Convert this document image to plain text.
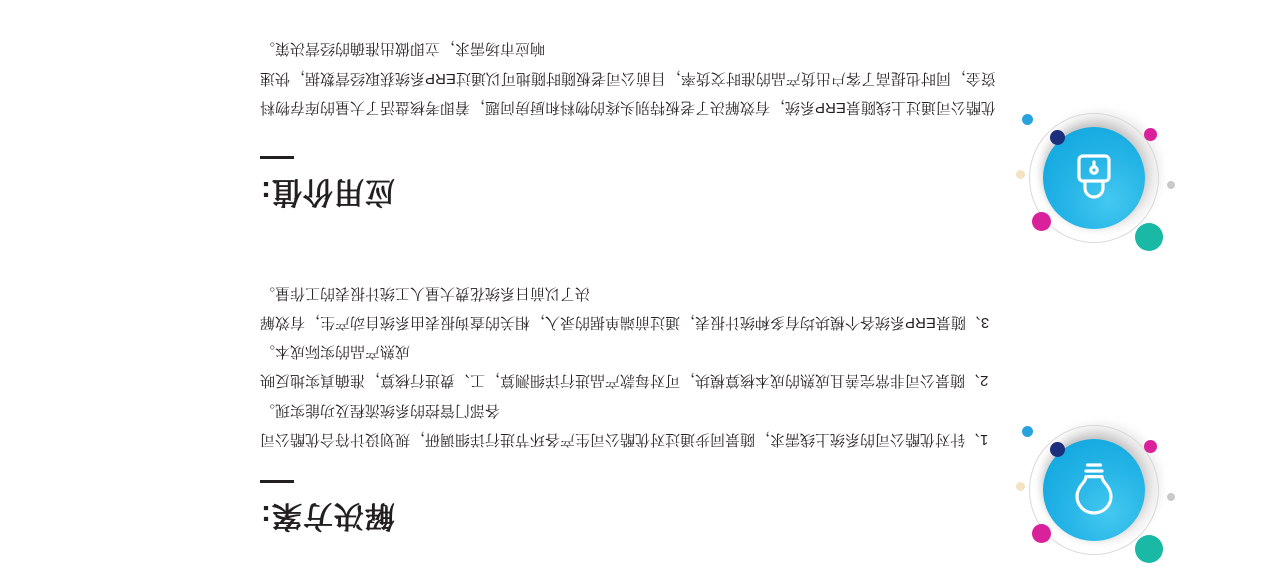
解决方案:
1、针对优酷公司的系统上线需求，随景同步通过对优酷公司生产各环节进行详细调研，规划设计符合优酷公司各部门管控的系统流程及功能实现。
2、随景公司非常完善且成熟的成本核算模块，可对每款产品进行详细测算，工、费进行核算，准确真实地反映成熟产品的实际成本。
3、随景ERP系统各个模块均有多种统计报表，通过前端单据的录入，相关的查询报表由系统自动产生，有效解决了以前日系统花费大量人工统计报表的工作量。
应用价值:

优酷公司通过上线随景ERP系统，有效解决了老板特别头疼的物料和厨房问题，着即考核盘活了大量的库存物料资金，同时也提高了客户出货产品的准时交货率，目前公司老板随时随地可以通过ERP系统获取经营数据，快速响应市场需求，立即做出准确的经营决策。
